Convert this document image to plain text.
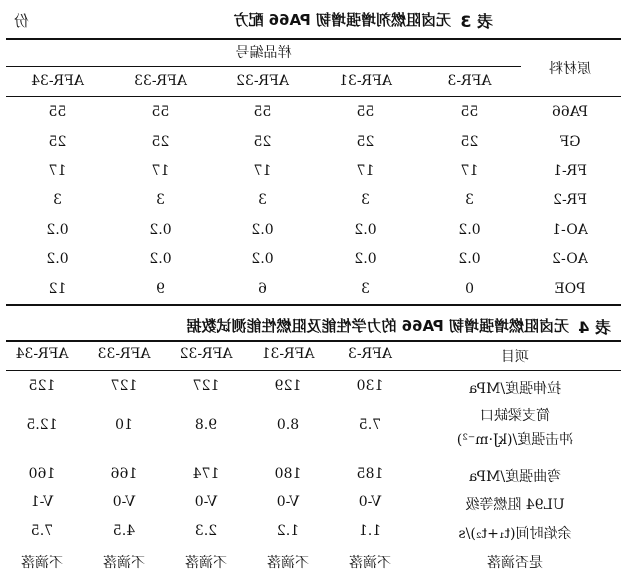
表 3
无卤阻燃剂增强增韧 PA66 配方
份
原材料
样品编号
AFR-3
AFR-31
AFR-32
AFR-33
AFR-34
PA66
55
55
55
55
55
GF
25
25
25
25
25
FR-1
17
17
17
17
17
FR-2
3
3
3
3
3
AO-1
0.2
0.2
0.2
0.2
0.2
AO-2
0.2
0.2
0.2
0.2
0.2
POE
0
3
6
9
12
表 4
无卤阻燃增强增韧 PA66 的力学性能及阻燃性能测试数据
项目
AFR-3
AFR-31
AFR-32
AFR-33
AFR-34
拉伸强度/MPa
130
129
127
127
125
简支梁缺口
冲击强度/(kJ·m⁻²)
7.5
8.0
9.8
10
12.5
弯曲强度/MPa
185
180
174
166
160
UL94 阻燃等级
V-0
V-0
V-0
V-0
V-1
余焰时间(t₁+t₂)/s
1.1
1.2
2.3
4.5
7.5
是否滴落
不滴落
不滴落
不滴落
不滴落
不滴落
